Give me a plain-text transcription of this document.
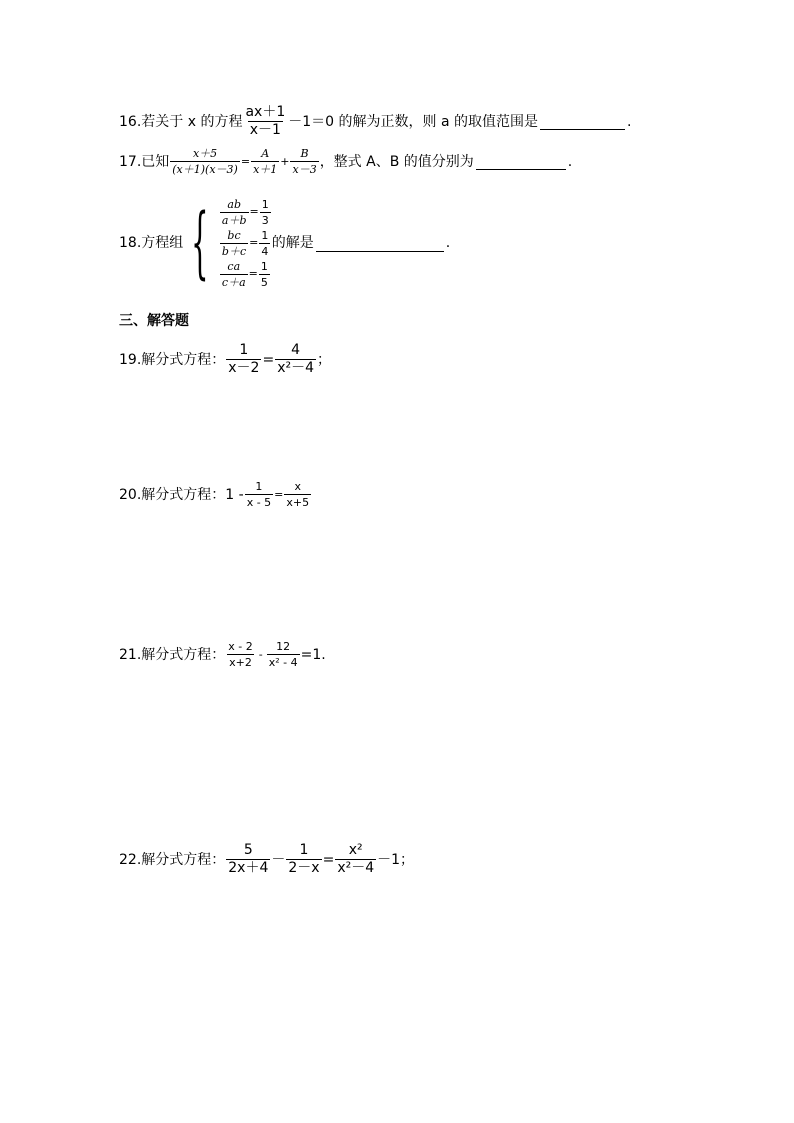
16. 若关于 x 的方程 $\frac{ax+1}{x-1} -1=0$ 的解为正数，则 a 的取值范围是	.
17. 已知 $\frac{x+5}{(x+1)(x-3)} = \frac{A}{x+1} + \frac{B}{x-3}$ ，整式 A、B 的值分别为	.
18. 方程组 { $\frac{ab}{a+b} = \frac{1}{3}$
$\frac{bc}{b+c} = \frac{1}{4}$
$\frac{ca}{c+a} = \frac{1}{5}$
的解是	.
三、解答题
19. 解分式方程： $\frac{1}{x-2} = \frac{4}{\text{x²－4}}$ ；
20. 解分式方程：$1 - \frac{1}{x - 5} = \frac{x}{x+5}$
21. 解分式方程： $\frac{x - 2}{x+2} - \frac{12}{\text{x² - 4}} =1$.
22. 解分式方程： $\frac{5}{2x+4} - \frac{1}{2-x} = \frac{\text{x²}}{\text{x²－4}} -1$；
